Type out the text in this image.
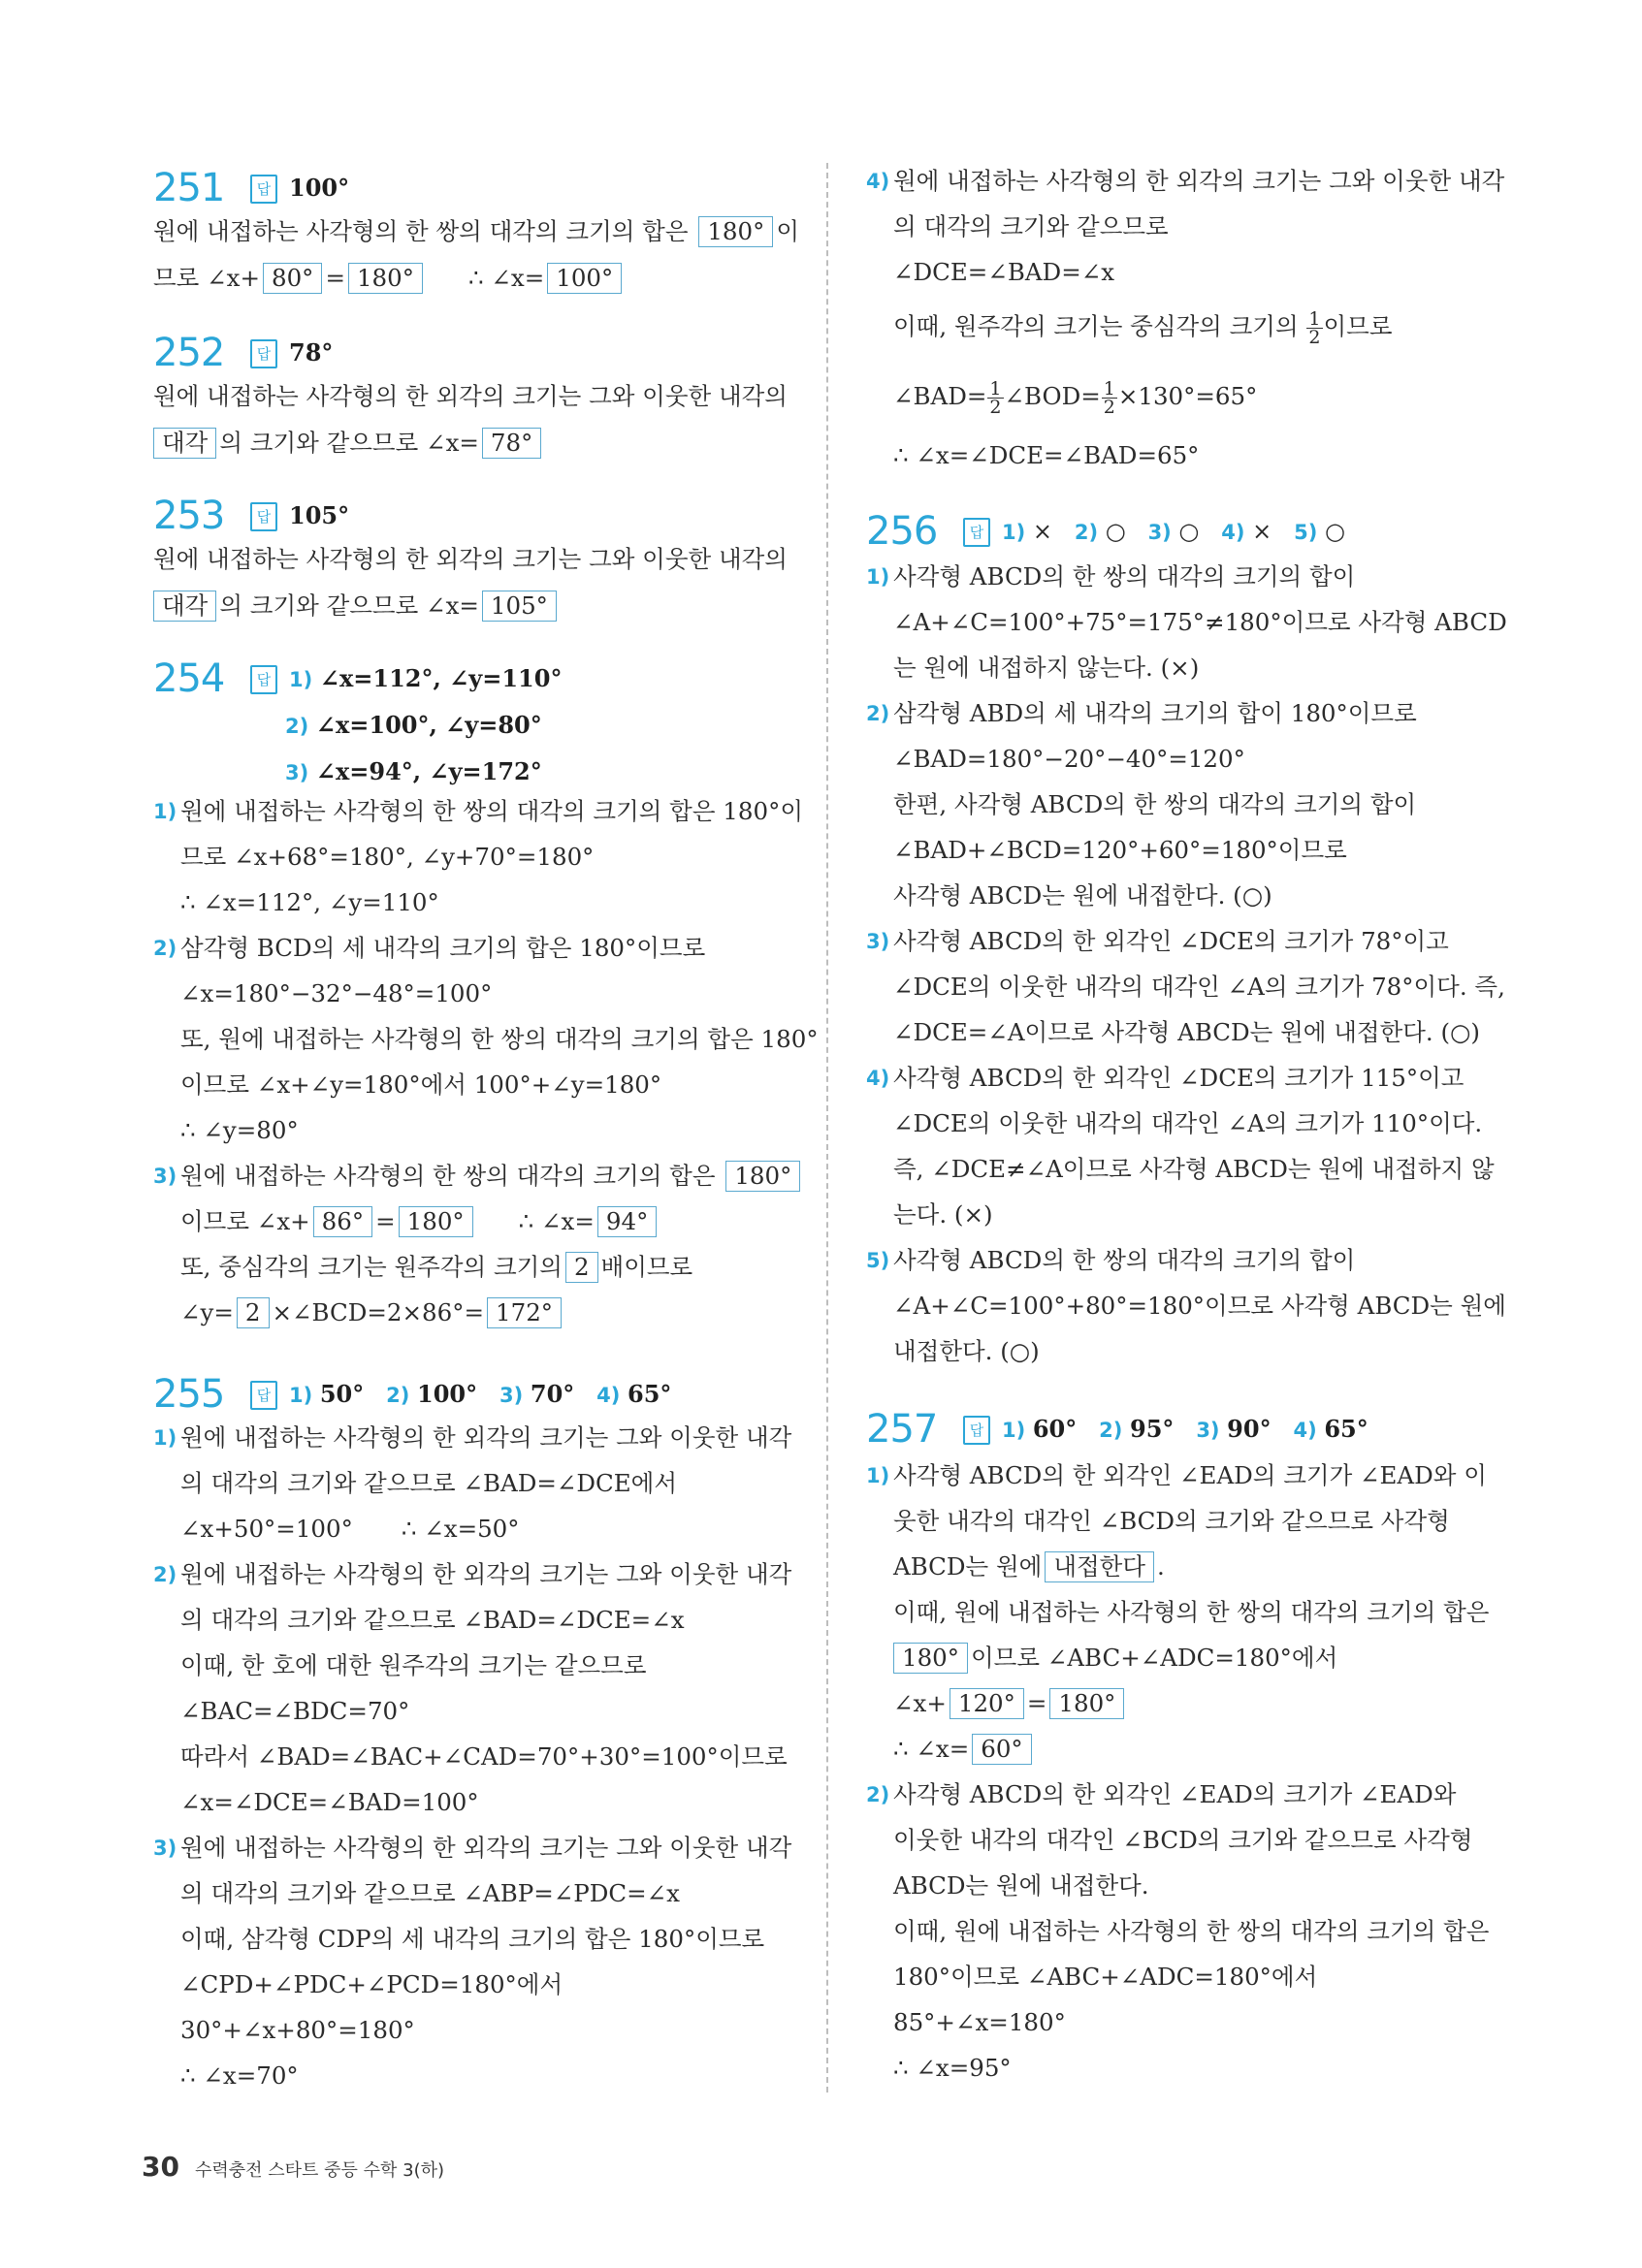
251	답 100°
원에 내접하는 사각형의 한 쌍의 대각의 크기의 합은 180° 이
므로 ∠x+ 80° = 180° ∴ ∠x= 100°
252	답 78°
원에 내접하는 사각형의 한 외각의 크기는 그와 이웃한 내각의
대각 의 크기와 같으므로 ∠x= 78°
253	답 105°
원에 내접하는 사각형의 한 외각의 크기는 그와 이웃한 내각의
대각 의 크기와 같으므로 ∠x= 105°
254	답 1) ∠x=112°, ∠y=110°
2) ∠x=100°, ∠y=80°
3) ∠x=94°, ∠y=172°
1) 원에 내접하는 사각형의 한 쌍의 대각의 크기의 합은 180°이
므로 ∠x+68°=180°, ∠y+70°=180°
∴ ∠x=112°, ∠y=110°
2) 삼각형 BCD의 세 내각의 크기의 합은 180°이므로
∠x=180°−32°−48°=100°
또, 원에 내접하는 사각형의 한 쌍의 대각의 크기의 합은 180°
이므로 ∠x+∠y=180°에서 100°+∠y=180°
∴ ∠y=80°
3) 원에 내접하는 사각형의 한 쌍의 대각의 크기의 합은 180°
이므로 ∠x+ 86° = 180° ∴ ∠x= 94°
또, 중심각의 크기는 원주각의 크기의 2 배이므로
∠y= 2 ×∠BCD=2×86°= 172°
255	답 1) 50° 2) 100° 3) 70° 4) 65°
1) 원에 내접하는 사각형의 한 외각의 크기는 그와 이웃한 내각
의 대각의 크기와 같으므로 ∠BAD=∠DCE에서
∠x+50°=100° ∴ ∠x=50°
2) 원에 내접하는 사각형의 한 외각의 크기는 그와 이웃한 내각
의 대각의 크기와 같으므로 ∠BAD=∠DCE=∠x
이때, 한 호에 대한 원주각의 크기는 같으므로
∠BAC=∠BDC=70°
따라서 ∠BAD=∠BAC+∠CAD=70°+30°=100°이므로
∠x=∠DCE=∠BAD=100°
3) 원에 내접하는 사각형의 한 외각의 크기는 그와 이웃한 내각
의 대각의 크기와 같으므로 ∠ABP=∠PDC=∠x
이때, 삼각형 CDP의 세 내각의 크기의 합은 180°이므로
∠CPD+∠PDC+∠PCD=180°에서
30°+∠x+80°=180°
∴ ∠x=70°
4) 원에 내접하는 사각형의 한 외각의 크기는 그와 이웃한 내각
의 대각의 크기와 같으므로
∠DCE=∠BAD=∠x
이때, 원주각의 크기는 중심각의 크기의 $\frac{1}{2}$ 이므로
∠BAD= $\frac{1}{2}$ ∠BOD= $\frac{1}{2} \times 130^\circ=65^\circ$
∴ ∠x=∠DCE=∠BAD=65°
256	답 1) × 2) ○ 3) ○ 4) × 5) ○
1) 사각형 ABCD의 한 쌍의 대각의 크기의 합이
∠A+∠C=100°+75°=175°≠180°이므로 사각형 ABCD
는 원에 내접하지 않는다. (×)
2) 삼각형 ABD의 세 내각의 크기의 합이 180°이므로
∠BAD=180°−20°−40°=120°
한편, 사각형 ABCD의 한 쌍의 대각의 크기의 합이
∠BAD+∠BCD=120°+60°=180°이므로
사각형 ABCD는 원에 내접한다. (○)
3) 사각형 ABCD의 한 외각인 ∠DCE의 크기가 78°이고
∠DCE의 이웃한 내각의 대각인 ∠A의 크기가 78°이다. 즉,
∠DCE=∠A이므로 사각형 ABCD는 원에 내접한다. (○)
4) 사각형 ABCD의 한 외각인 ∠DCE의 크기가 115°이고
∠DCE의 이웃한 내각의 대각인 ∠A의 크기가 110°이다.
즉, ∠DCE≠∠A이므로 사각형 ABCD는 원에 내접하지 않
는다. (×)
5) 사각형 ABCD의 한 쌍의 대각의 크기의 합이
∠A+∠C=100°+80°=180°이므로 사각형 ABCD는 원에
내접한다. (○)
257	답 1) 60° 2) 95° 3) 90° 4) 65°
1) 사각형 ABCD의 한 외각인 ∠EAD의 크기가 ∠EAD와 이
웃한 내각의 대각인 ∠BCD의 크기와 같으므로 사각형
ABCD는 원에 내접한다 .
이때, 원에 내접하는 사각형의 한 쌍의 대각의 크기의 합은
180° 이므로 ∠ABC+∠ADC=180°에서
∠x+ 120° = 180°
∴ ∠x= 60°
2) 사각형 ABCD의 한 외각인 ∠EAD의 크기가 ∠EAD와
이웃한 내각의 대각인 ∠BCD의 크기와 같으므로 사각형
ABCD는 원에 내접한다.
이때, 원에 내접하는 사각형의 한 쌍의 대각의 크기의 합은
180°이므로 ∠ABC+∠ADC=180°에서
85°+∠x=180°
∴ ∠x=95°
30 수력충전 스타트 중등 수학 3(하)
